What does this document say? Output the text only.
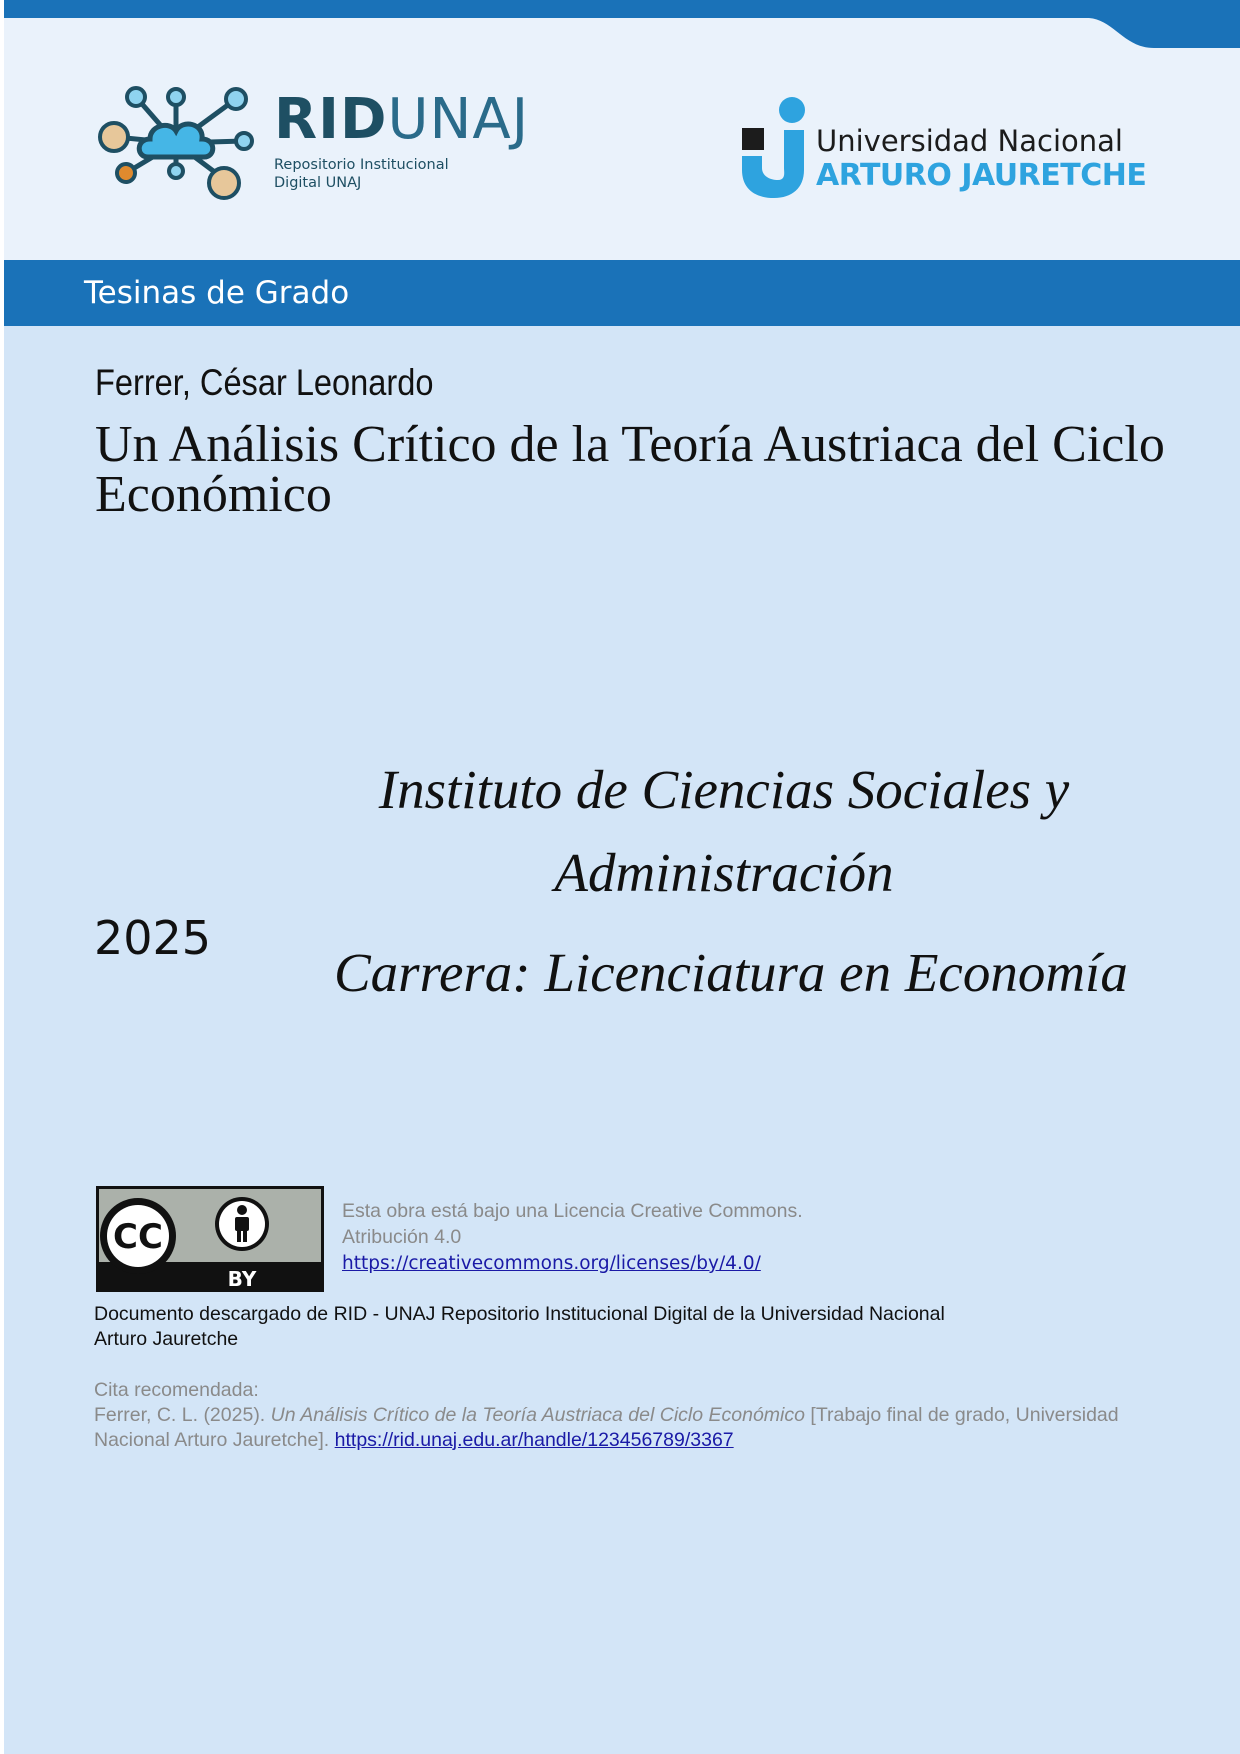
RIDUNAJ
Repositorio Institucional
Digital UNAJ
Universidad Nacional
ARTURO JAURETCHE
Tesinas de Grado
Ferrer, César Leonardo
Un Análisis Crítico de la Teoría Austriaca del Ciclo Económico
Instituto de Ciencias Sociales y
Administración
Carrera: Licenciatura en Economía
2025
CC
BY
Esta obra está bajo una Licencia Creative Commons.
Atribución 4.0
https://creativecommons.org/licenses/by/4.0/
Documento descargado de RID - UNAJ Repositorio Institucional Digital de la Universidad Nacional Arturo Jauretche
Cita recomendada:
Ferrer, C. L. (2025). Un Análisis Crítico de la Teoría Austriaca del Ciclo Económico [Trabajo final de grado, Universidad Nacional Arturo Jauretche]. https://rid.unaj.edu.ar/handle/123456789/3367
